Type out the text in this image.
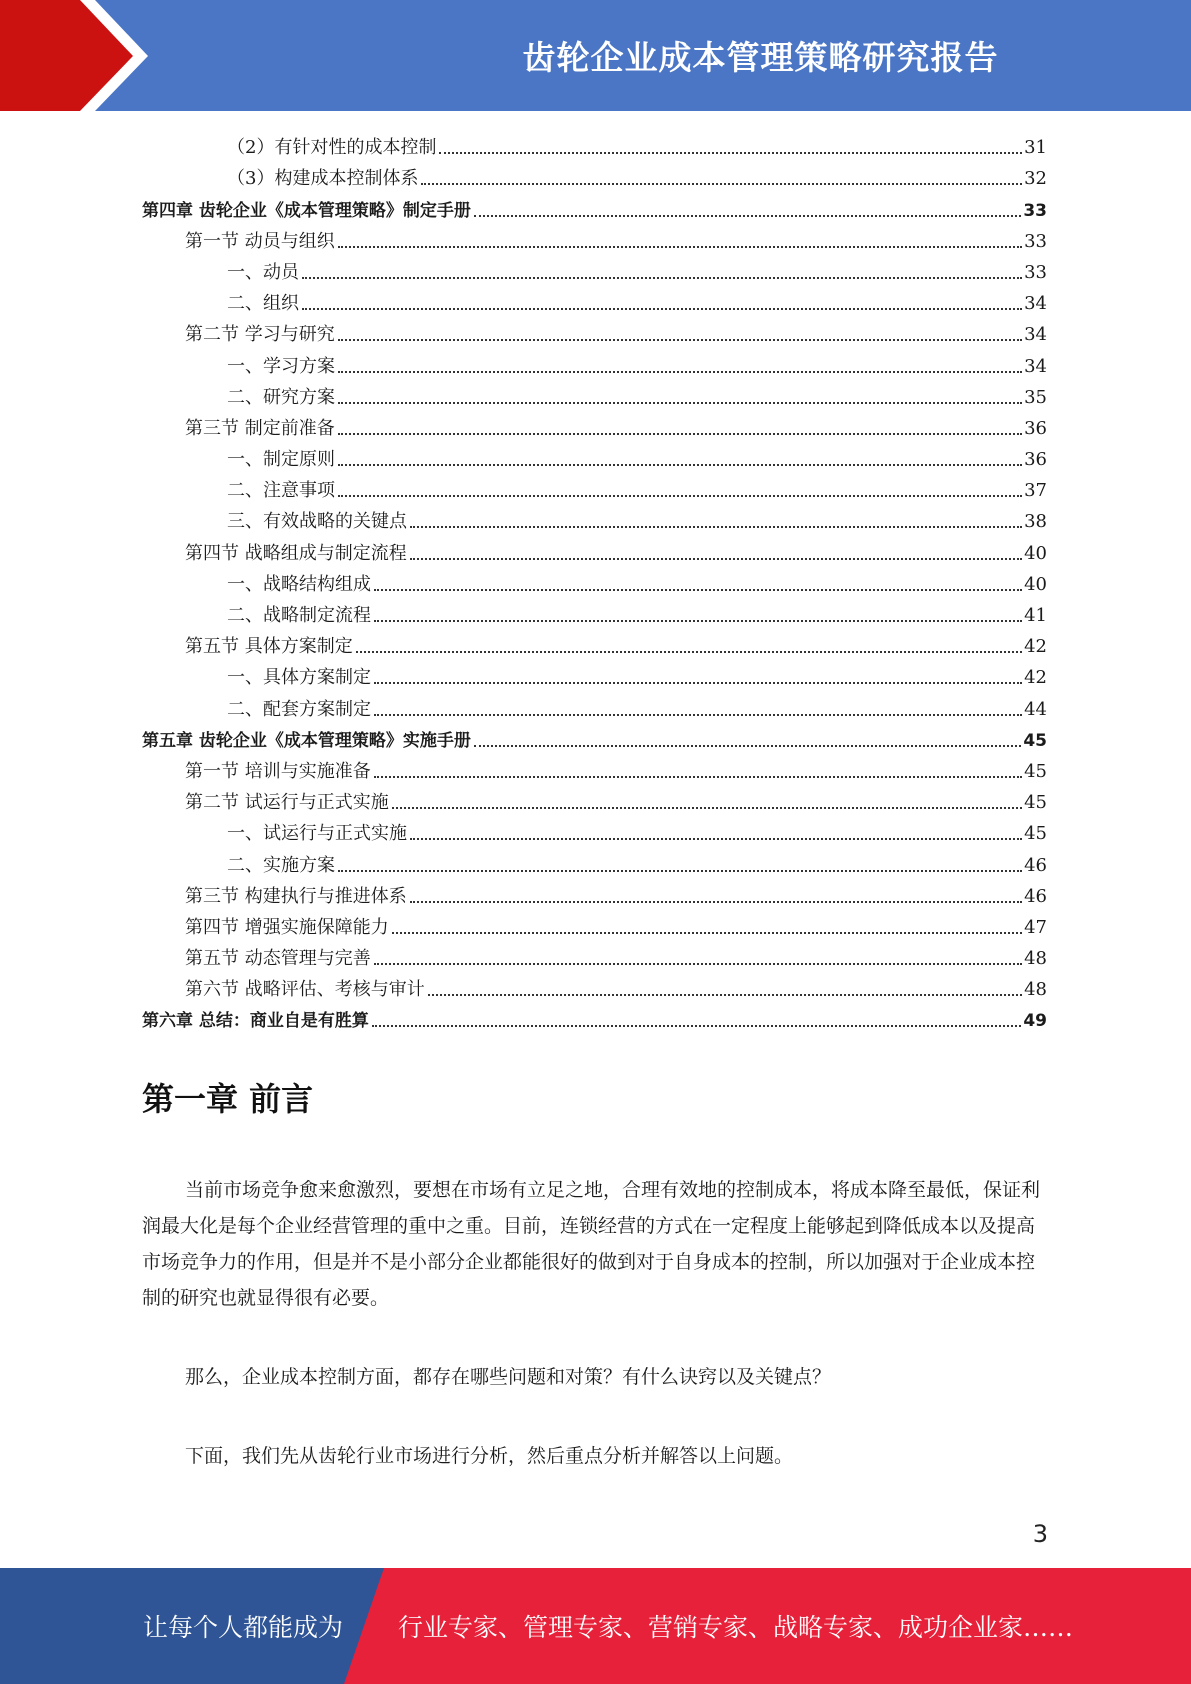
齿轮企业成本管理策略研究报告
（2）有针对性的成本控制	31
（3）构建成本控制体系	32
第四章 齿轮企业《成本管理策略》制定手册	33
第一节 动员与组织	33
一、动员	33
二、组织	34
第二节 学习与研究	34
一、学习方案	34
二、研究方案	35
第三节 制定前准备	36
一、制定原则	36
二、注意事项	37
三、有效战略的关键点	38
第四节 战略组成与制定流程	40
一、战略结构组成	40
二、战略制定流程	41
第五节 具体方案制定	42
一、具体方案制定	42
二、配套方案制定	44
第五章 齿轮企业《成本管理策略》实施手册	45
第一节 培训与实施准备	45
第二节 试运行与正式实施	45
一、试运行与正式实施	45
二、实施方案	46
第三节 构建执行与推进体系	46
第四节 增强实施保障能力	47
第五节 动态管理与完善	48
第六节 战略评估、考核与审计	48
第六章 总结：商业自是有胜算	49
第一章 前言
当前市场竞争愈来愈激烈，要想在市场有立足之地，合理有效地的控制成本，将成本降至最低，保证利润最大化是每个企业经营管理的重中之重。目前，连锁经营的方式在一定程度上能够起到降低成本以及提高市场竞争力的作用，但是并不是小部分企业都能很好的做到对于自身成本的控制，所以加强对于企业成本控制的研究也就显得很有必要。
那么，企业成本控制方面，都存在哪些问题和对策？有什么诀窍以及关键点？
下面，我们先从齿轮行业市场进行分析，然后重点分析并解答以上问题。
3
让每个人都能成为 行业专家、管理专家、营销专家、战略专家、成功企业家……
